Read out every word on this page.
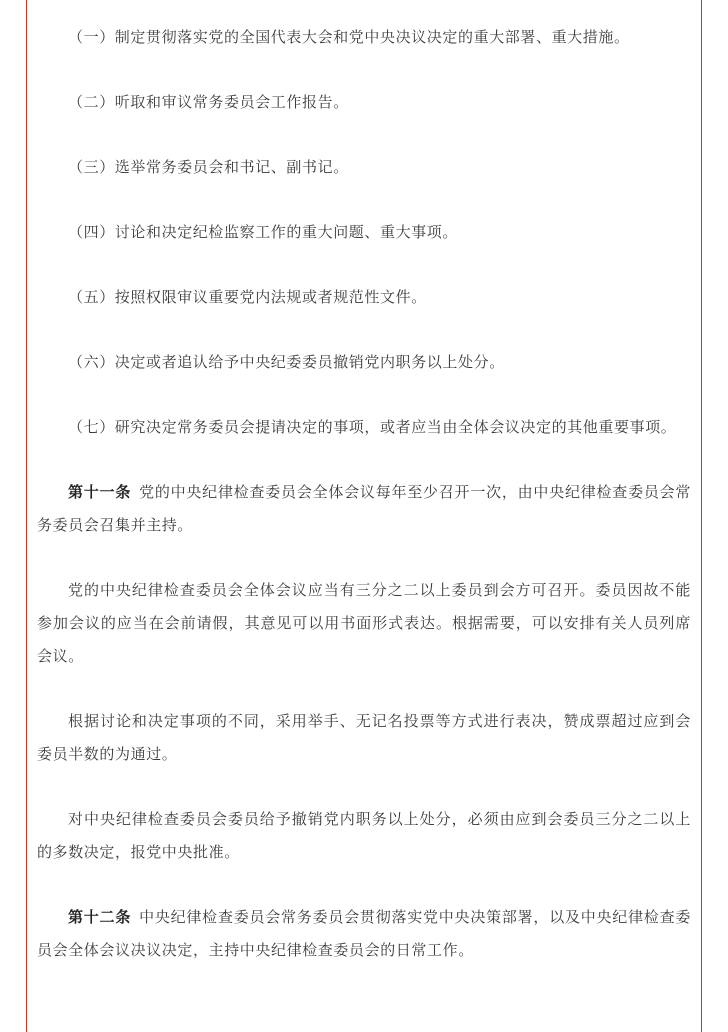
（一）制定贯彻落实党的全国代表大会和党中央决议决定的重大部署、重大措施。

（二）听取和审议常务委员会工作报告。

（三）选举常务委员会和书记、副书记。

（四）讨论和决定纪检监察工作的重大问题、重大事项。

（五）按照权限审议重要党内法规或者规范性文件。

（六）决定或者追认给予中央纪委委员撤销党内职务以上处分。

（七）研究决定常务委员会提请决定的事项，或者应当由全体会议决定的其他重要事项。

第十一条 党的中央纪律检查委员会全体会议每年至少召开一次，由中央纪律检查委员会常务委员会召集并主持。

党的中央纪律检查委员会全体会议应当有三分之二以上委员到会方可召开。委员因故不能参加会议的应当在会前请假，其意见可以用书面形式表达。根据需要，可以安排有关人员列席会议。

根据讨论和决定事项的不同，采用举手、无记名投票等方式进行表决，赞成票超过应到会委员半数的为通过。

对中央纪律检查委员会委员给予撤销党内职务以上处分，必须由应到会委员三分之二以上的多数决定，报党中央批准。

第十二条 中央纪律检查委员会常务委员会贯彻落实党中央决策部署，以及中央纪律检查委员会全体会议决议决定，主持中央纪律检查委员会的日常工作。
